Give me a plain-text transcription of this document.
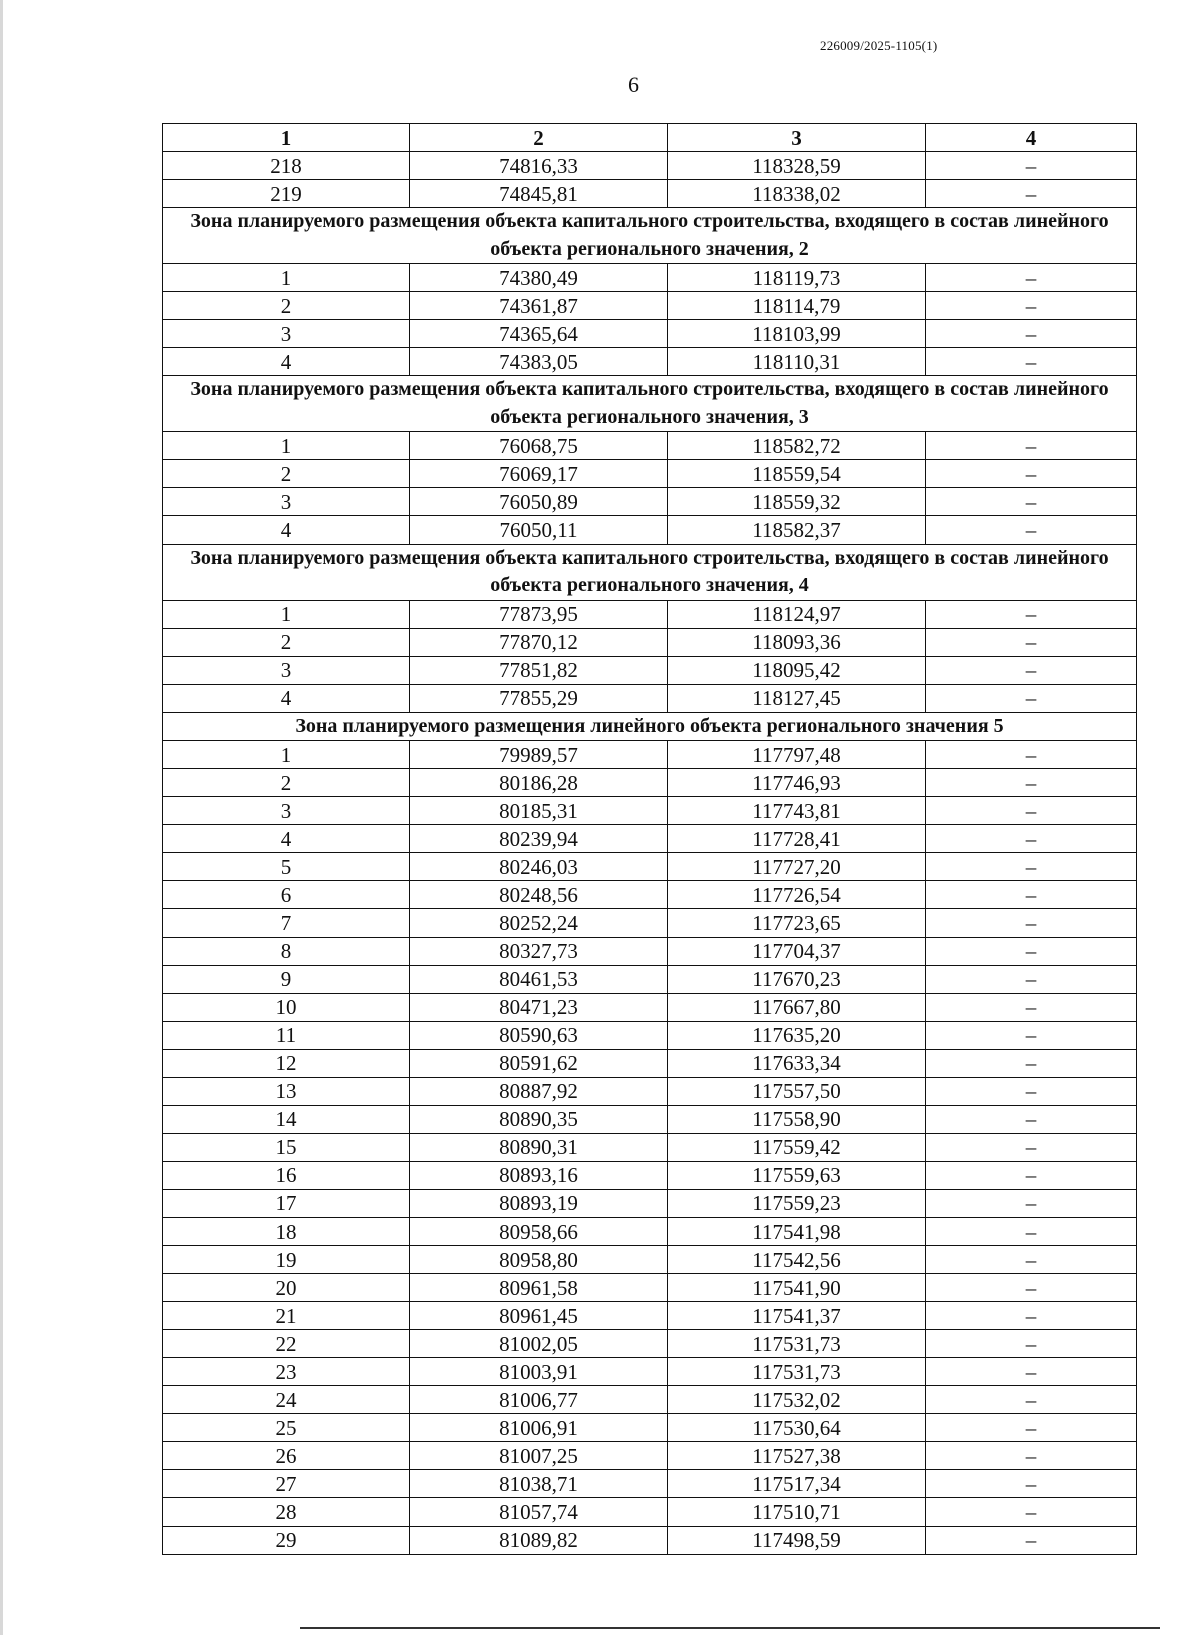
226009/2025-1105(1)
6
1	2	3	4
218	74816,33	118328,59	–
219	74845,81	118338,02	–
Зона планируемого размещения объекта капитального строительства, входящего в состав линейного объекта регионального значения, 2			
1	74380,49	118119,73	–
2	74361,87	118114,79	–
3	74365,64	118103,99	–
4	74383,05	118110,31	–
Зона планируемого размещения объекта капитального строительства, входящего в состав линейного объекта регионального значения, 3			
1	76068,75	118582,72	–
2	76069,17	118559,54	–
3	76050,89	118559,32	–
4	76050,11	118582,37	–
Зона планируемого размещения объекта капитального строительства, входящего в состав линейного объекта регионального значения, 4			
1	77873,95	118124,97	–
2	77870,12	118093,36	–
3	77851,82	118095,42	–
4	77855,29	118127,45	–
Зона планируемого размещения линейного объекта регионального значения 5			
1	79989,57	117797,48	–
2	80186,28	117746,93	–
3	80185,31	117743,81	–
4	80239,94	117728,41	–
5	80246,03	117727,20	–
6	80248,56	117726,54	–
7	80252,24	117723,65	–
8	80327,73	117704,37	–
9	80461,53	117670,23	–
10	80471,23	117667,80	–
11	80590,63	117635,20	–
12	80591,62	117633,34	–
13	80887,92	117557,50	–
14	80890,35	117558,90	–
15	80890,31	117559,42	–
16	80893,16	117559,63	–
17	80893,19	117559,23	–
18	80958,66	117541,98	–
19	80958,80	117542,56	–
20	80961,58	117541,90	–
21	80961,45	117541,37	–
22	81002,05	117531,73	–
23	81003,91	117531,73	–
24	81006,77	117532,02	–
25	81006,91	117530,64	–
26	81007,25	117527,38	–
27	81038,71	117517,34	–
28	81057,74	117510,71	–
29	81089,82	117498,59	–
